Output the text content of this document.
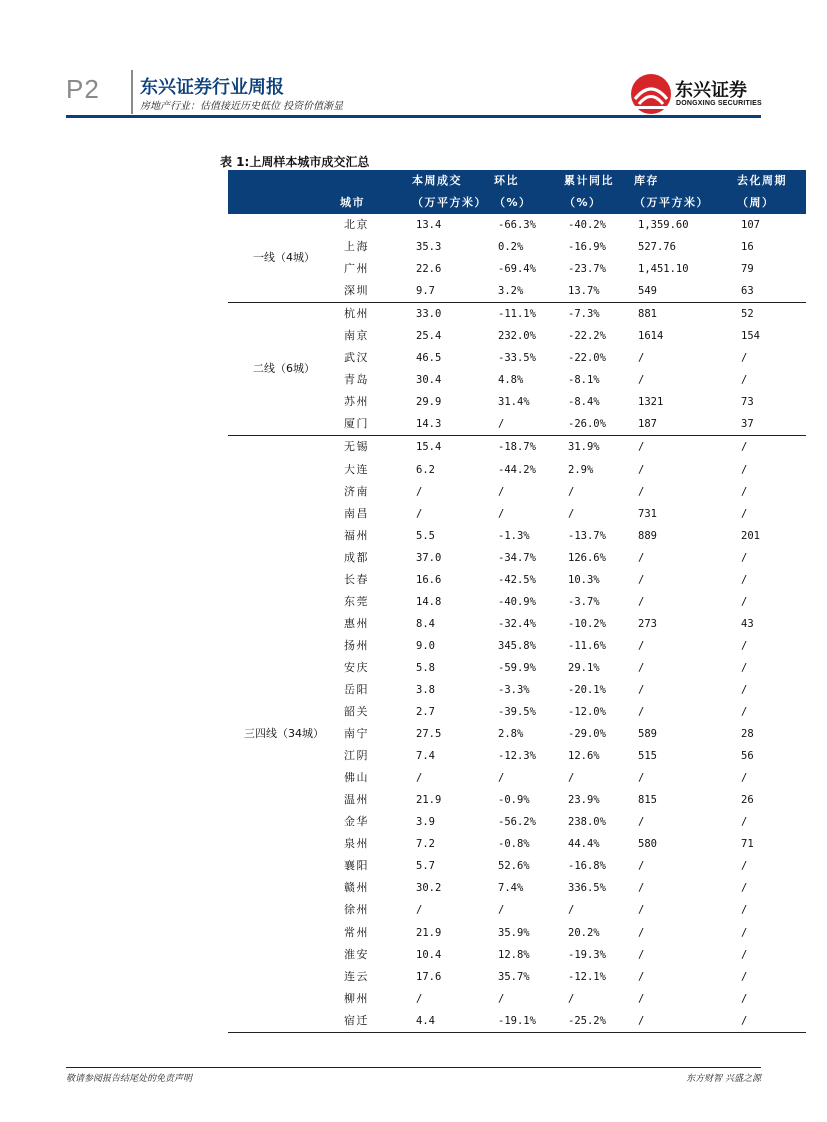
P2 东兴证券行业周报
房地产行业：估值接近历史低位 投资价值渐显
东兴证券
DONGXING SECURITIES
表 1:上周样本城市成交汇总
		本周成交	环比	累计同比	库存	去化周期
	城市	（万平方米）	（%）	（%）	（万平方米）	（周）
一线（4城）	北京	13.4	-66.3%	-40.2%	1,359.60	107
	上海	35.3	0.2%	-16.9%	527.76	16
	广州	22.6	-69.4%	-23.7%	1,451.10	79
	深圳	9.7	3.2%	13.7%	549	63
二线（6城）	杭州	33.0	-11.1%	-7.3%	881	52
	南京	25.4	232.0%	-22.2%	1614	154
	武汉	46.5	-33.5%	-22.0%	/	/
	青岛	30.4	4.8%	-8.1%	/	/
	苏州	29.9	31.4%	-8.4%	1321	73
	厦门	14.3	/	-26.0%	187	37
三四线（34城）	无锡	15.4	-18.7%	31.9%	/	/
	大连	6.2	-44.2%	2.9%	/	/
	济南	/	/	/	/	/
	南昌	/	/	/	731	/
	福州	5.5	-1.3%	-13.7%	889	201
	成都	37.0	-34.7%	126.6%	/	/
	长春	16.6	-42.5%	10.3%	/	/
	东莞	14.8	-40.9%	-3.7%	/	/
	惠州	8.4	-32.4%	-10.2%	273	43
	扬州	9.0	345.8%	-11.6%	/	/
	安庆	5.8	-59.9%	29.1%	/	/
	岳阳	3.8	-3.3%	-20.1%	/	/
	韶关	2.7	-39.5%	-12.0%	/	/
	南宁	27.5	2.8%	-29.0%	589	28
	江阴	7.4	-12.3%	12.6%	515	56
	佛山	/	/	/	/	/
	温州	21.9	-0.9%	23.9%	815	26
	金华	3.9	-56.2%	238.0%	/	/
	泉州	7.2	-0.8%	44.4%	580	71
	襄阳	5.7	52.6%	-16.8%	/	/
	赣州	30.2	7.4%	336.5%	/	/
	徐州	/	/	/	/	/
	常州	21.9	35.9%	20.2%	/	/
	淮安	10.4	12.8%	-19.3%	/	/
	连云	17.6	35.7%	-12.1%	/	/
	柳州	/	/	/	/	/
	宿迁	4.4	-19.1%	-25.2%	/	/
敬请参阅报告结尾处的免责声明	东方财智 兴盛之源
